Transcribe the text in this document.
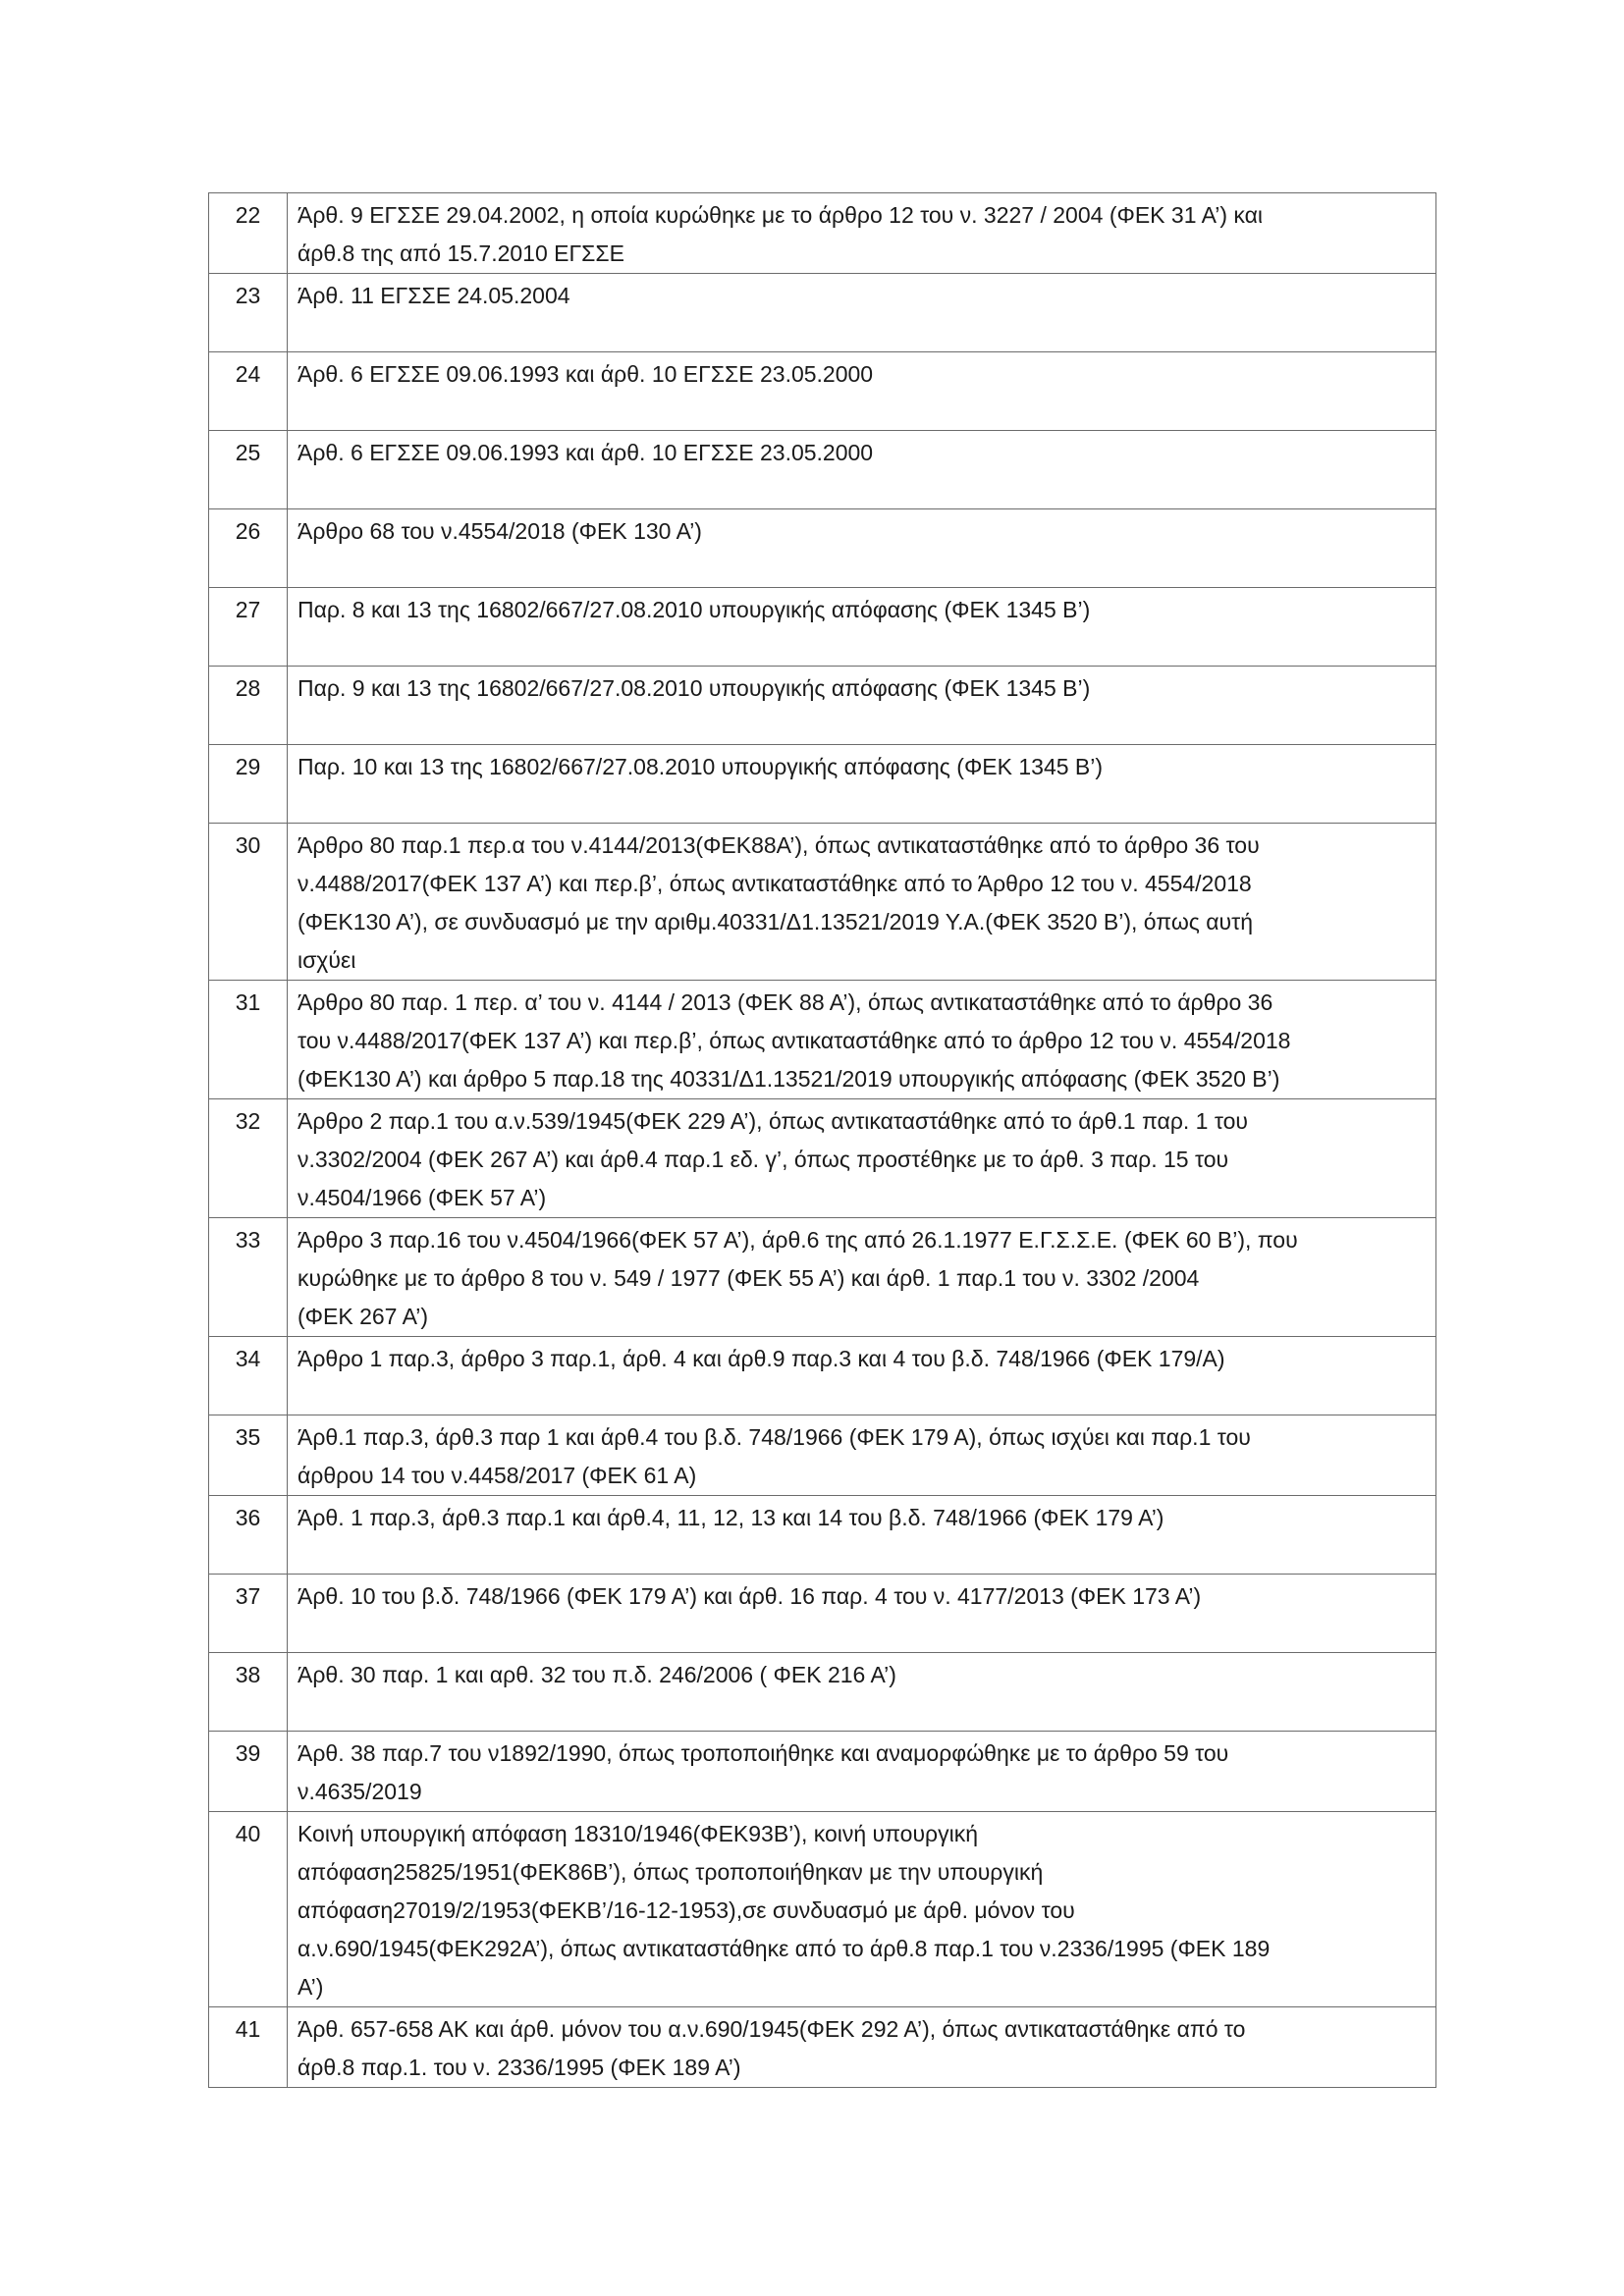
22	Άρθ. 9 ΕΓΣΣΕ 29.04.2002, η οποία κυρώθηκε με το άρθρο 12 του ν. 3227 / 2004 (ΦΕΚ 31 Α’) και
άρθ.8 της από 15.7.2010 ΕΓΣΣΕ
23	Άρθ. 11 ΕΓΣΣΕ 24.05.2004
24	Άρθ. 6 ΕΓΣΣΕ 09.06.1993 και άρθ. 10 ΕΓΣΣΕ 23.05.2000
25	Άρθ. 6 ΕΓΣΣΕ 09.06.1993 και άρθ. 10 ΕΓΣΣΕ 23.05.2000
26	Άρθρο 68 του ν.4554/2018 (ΦΕΚ 130 Α’)
27	Παρ. 8 και 13 της 16802/667/27.08.2010 υπουργικής απόφασης (ΦΕΚ 1345 Β’)
28	Παρ. 9 και 13 της 16802/667/27.08.2010 υπουργικής απόφασης (ΦΕΚ 1345 Β’)
29	Παρ. 10 και 13 της 16802/667/27.08.2010 υπουργικής απόφασης (ΦΕΚ 1345 Β’)
30	Άρθρο 80 παρ.1 περ.α του ν.4144/2013(ΦΕΚ88Α’), όπως αντικαταστάθηκε από το άρθρο 36 του
ν.4488/2017(ΦΕΚ 137 Α’) και περ.β’, όπως αντικαταστάθηκε από το Άρθρο 12 του ν. 4554/2018
(ΦΕΚ130 Α’), σε συνδυασμό με την αριθμ.40331/Δ1.13521/2019 Υ.Α.(ΦΕΚ 3520 Β’), όπως αυτή
ισχύει
31	Άρθρο 80 παρ. 1 περ. α’ του ν. 4144 / 2013 (ΦΕΚ 88 Α’), όπως αντικαταστάθηκε από το άρθρο 36
του ν.4488/2017(ΦΕΚ 137 Α’) και περ.β’, όπως αντικαταστάθηκε από το άρθρο 12 του ν. 4554/2018
(ΦΕΚ130 Α’) και άρθρο 5 παρ.18 της 40331/Δ1.13521/2019 υπουργικής απόφασης (ΦΕΚ 3520 Β’)
32	Άρθρο 2 παρ.1 του α.ν.539/1945(ΦΕΚ 229 Α’), όπως αντικαταστάθηκε από το άρθ.1 παρ. 1 του
ν.3302/2004 (ΦΕΚ 267 Α’) και άρθ.4 παρ.1 εδ. γ’, όπως προστέθηκε με το άρθ. 3 παρ. 15 του
ν.4504/1966 (ΦΕΚ 57 Α’)
33	Άρθρο 3 παρ.16 του ν.4504/1966(ΦΕΚ 57 Α’), άρθ.6 της από 26.1.1977 Ε.Γ.Σ.Σ.Ε. (ΦΕΚ 60 Β’), που
κυρώθηκε με το άρθρο 8 του ν. 549 / 1977 (ΦΕΚ 55 Α’) και άρθ. 1 παρ.1 του ν. 3302 /2004
(ΦΕΚ 267 Α’)
34	Άρθρο 1 παρ.3, άρθρο 3 παρ.1, άρθ. 4 και άρθ.9 παρ.3 και 4 του β.δ. 748/1966 (ΦΕΚ 179/Α)
35	Άρθ.1 παρ.3, άρθ.3 παρ 1 και άρθ.4 του β.δ. 748/1966 (ΦΕΚ 179 Α), όπως ισχύει και παρ.1 του
άρθρου 14 του ν.4458/2017 (ΦΕΚ 61 Α)
36	Άρθ. 1 παρ.3, άρθ.3 παρ.1 και άρθ.4, 11, 12, 13 και 14 του β.δ. 748/1966 (ΦΕΚ 179 Α’)
37	Άρθ. 10 του β.δ. 748/1966 (ΦΕΚ 179 Α’) και άρθ. 16 παρ. 4 του ν. 4177/2013 (ΦΕΚ 173 Α’)
38	Άρθ. 30 παρ. 1 και αρθ. 32 του π.δ. 246/2006 ( ΦΕΚ 216 Α’)
39	Άρθ. 38 παρ.7 του ν1892/1990, όπως τροποποιήθηκε και αναμορφώθηκε με το άρθρο 59 του
ν.4635/2019
40	Κοινή υπουργική απόφαση 18310/1946(ΦΕΚ93Β’), κοινή υπουργική
απόφαση25825/1951(ΦΕΚ86Β’), όπως τροποποιήθηκαν με την υπουργική
απόφαση27019/2/1953(ΦΕΚΒ’/16-12-1953),σε συνδυασμό με άρθ. μόνον του
α.ν.690/1945(ΦΕΚ292Α’), όπως αντικαταστάθηκε από το άρθ.8 παρ.1 του ν.2336/1995 (ΦΕΚ 189
Α’)
41	Άρθ. 657-658 ΑΚ και άρθ. μόνον του α.ν.690/1945(ΦΕΚ 292 Α’), όπως αντικαταστάθηκε από το
άρθ.8 παρ.1. του ν. 2336/1995 (ΦΕΚ 189 Α’)
